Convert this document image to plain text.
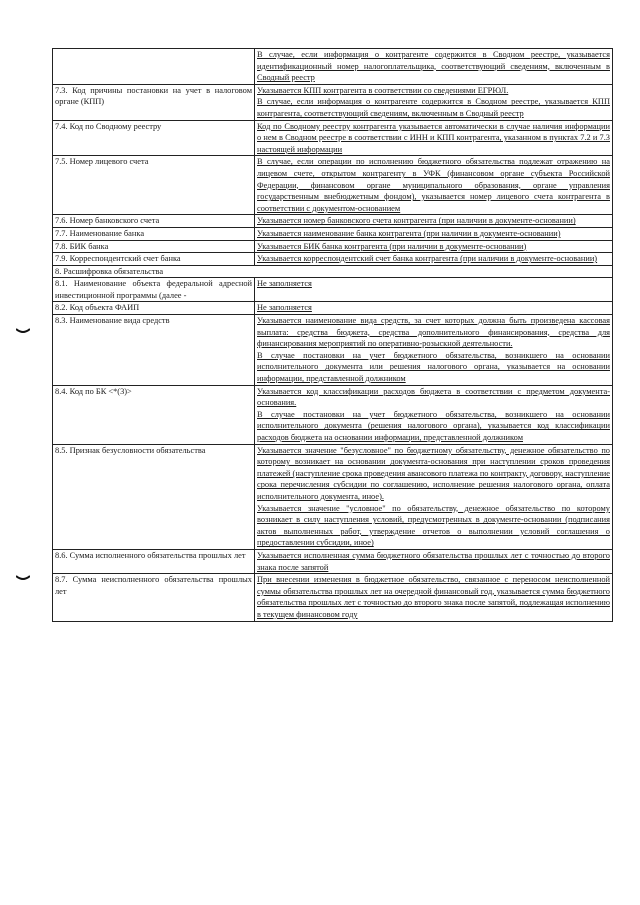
	В случае, если информация о контрагенте содержится в Сводном реестре, указывается идентификационный номер налогоплательщика, соответствующий сведениям, включенным в Сводный реестр

7.3. Код причины постановки на учет в налоговом органе (КПП)	Указывается КПП контрагента в соответствии со сведениями ЕГРЮЛ.
В случае, если информация о контрагенте содержится в Сводном реестре, указывается КПП контрагента, соответствующий сведениям, включенным в Сводный реестр

7.4. Код по Сводному реестру	Код по Сводному реестру контрагента указывается автоматически в случае наличия информации о нем в Сводном реестре в соответствии с ИНН и КПП контрагента, указанном в пунктах 7.2 и 7.3 настоящей информации

7.5. Номер лицевого счета	В случае, если операции по исполнению бюджетного обязательства подлежат отражению на лицевом счете, открытом контрагенту в УФК (финансовом органе субъекта Российской Федерации, финансовом органе муниципального образования, органе управления государственным внебюджетным фондом), указывается номер лицевого счета контрагента в соответствии с документом-основанием

7.6. Номер банковского счета	Указывается номер банковского счета контрагента (при наличии в документе-основании)

7.7. Наименование банка	Указывается наименование банка контрагента (при наличии в документе-основании)

7.8. БИК банка	Указывается БИК банка контрагента (при наличии в документе-основании)

7.9. Корреспондентский счет банка	Указывается корреспондентский счет банка контрагента (при наличии в документе-основании)

8. Расшифровка обязательства	
8.1. Наименование объекта федеральной адресной инвестиционной программы (далее -	Не заполняется

8.2. Код объекта ФАИП	Не заполняется

8.3. Наименование вида средств	Указывается наименование вида средств, за счет которых должна быть произведена кассовая выплата: средства бюджета, средства дополнительного финансирования, средства для финансирования мероприятий по оперативно-розыскной деятельности.
В случае постановки на учет бюджетного обязательства, возникшего на основании исполнительного документа или решения налогового органа, указывается на основании информации, представленной должником

8.4. Код по БК <*(3)>	Указывается код классификации расходов бюджета в соответствии с предметом документа-основания.
В случае постановки на учет бюджетного обязательства, возникшего на основании исполнительного документа (решения налогового органа), указывается код классификации расходов бюджета на основании информации, представленной должником

8.5. Признак безусловности обязательства	Указывается значение "безусловное" по бюджетному обязательству, денежное обязательство по которому возникает на основании документа-основания при наступлении сроков проведения платежей (наступление срока проведения авансового платежа по контракту, договору, наступление срока перечисления субсидии по соглашению, исполнение решения налогового органа, оплата исполнительного документа, иное).
Указывается значение "условное" по обязательству, денежное обязательство по которому возникает в силу наступления условий, предусмотренных в документе-основании (подписания актов выполненных работ, утверждение отчетов о выполнении условий соглашения о предоставлении субсидии, иное)

8.6. Сумма исполненного обязательства прошлых лет	Указывается исполненная сумма бюджетного обязательства прошлых лет с точностью до второго знака после запятой

8.7. Сумма неисполненного обязательства прошлых лет	При внесении изменения в бюджетное обязательство, связанное с переносом неисполненной суммы обязательства прошлых лет на очередной финансовый год, указывается сумма бюджетного обязательства прошлых лет с точностью до второго знака после запятой, подлежащая исполнению в текущем финансовом году
